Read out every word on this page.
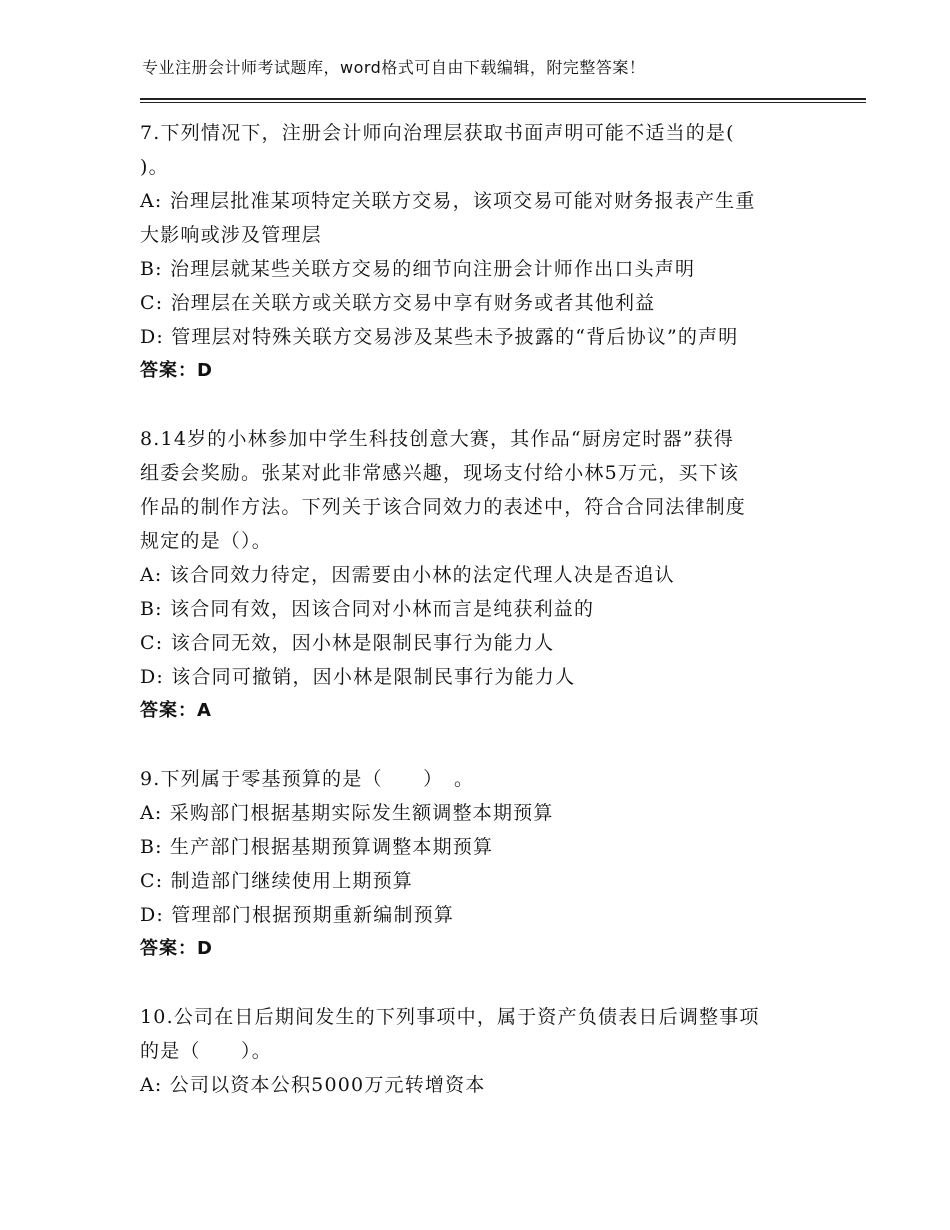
专业注册会计师考试题库，word格式可自由下载编辑，附完整答案！
7.下列情况下，注册会计师向治理层获取书面声明可能不适当的是(
)。
A: 治理层批准某项特定关联方交易，该项交易可能对财务报表产生重
大影响或涉及管理层
B: 治理层就某些关联方交易的细节向注册会计师作出口头声明
C: 治理层在关联方或关联方交易中享有财务或者其他利益
D: 管理层对特殊关联方交易涉及某些未予披露的“背后协议”的声明
答案：D
8.14岁的小林参加中学生科技创意大赛，其作品“厨房定时器”获得
组委会奖励。张某对此非常感兴趣，现场支付给小林5万元，买下该
作品的制作方法。下列关于该合同效力的表述中，符合合同法律制度
规定的是（）。
A: 该合同效力待定，因需要由小林的法定代理人决是否追认
B: 该合同有效，因该合同对小林而言是纯获利益的
C: 该合同无效，因小林是限制民事行为能力人
D: 该合同可撤销，因小林是限制民事行为能力人
答案：A
9.下列属于零基预算的是（　　）　。
A: 采购部门根据基期实际发生额调整本期预算
B: 生产部门根据基期预算调整本期预算
C: 制造部门继续使用上期预算
D: 管理部门根据预期重新编制预算
答案：D
10.公司在日后期间发生的下列事项中，属于资产负债表日后调整事项
的是（　　）。
A: 公司以资本公积5000万元转增资本
